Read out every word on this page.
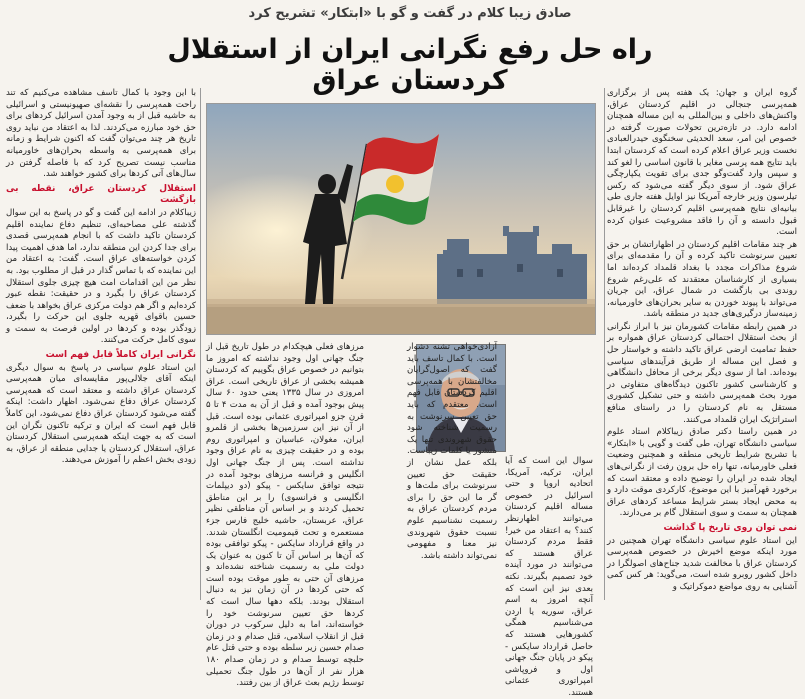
صادق زیبا کلام در گفت و گو با «ابتکار» تشریح کرد
راه حل رفع نگرانی ایران از استقلال کردستان عراق	گروه ایران و جهان: یک هفته پس از برگزاری همه‌پرسی جنجالی در اقلیم کردستان عراق، واکنش‌های داخلی و بین‌المللی به این مساله همچنان ادامه دارد. در تازه‌ترین تحولات صورت گرفته در خصوص این امر، سعد الحدیثی سخنگوی حیدرالعبادی نخست وزیر عراق اعلام کرده است که کردستان ابتدا باید نتایج همه پرسی مغایر با قانون اساسی را لغو کند و سپس وارد گفت‌وگو جدی برای تقویت یکپارچگی عراق شود. از سوی دیگر گفته می‌شود که رکس تیلرسون وزیر خارجه آمریکا نیز اوایل هفته جاری طی بیانیه‌ای نتایج همه‌پرسی اقلیم کردستان را غیرقابل قبول دانسته و آن را فاقد مشروعیت عنوان کرده است.

هر چند مقامات اقلیم کردستان در اظهاراتشان بر حق تعیین سرنوشت تاکید کرده و آن را مقدمه‌ای برای شروع مذاکرات مجدد با بغداد قلمداد کرده‌اند اما بسیاری از کارشناسان معتقدند که علی‌رغم شروع روندی بی بازگشت در شمال عراق، این جریان می‌تواند با پیوند خوردن به سایر بحران‌های خاورمیانه، زمینه‌ساز درگیری‌های جدید در منطقه باشد.

در همین رابطه مقامات کشورمان نیز با ابراز نگرانی از بحث استقلال احتمالی کردستان عراق همواره بر حفظ تمامیت ارضی عراق تاکید داشته و خواستار حل و فصل این مساله از طریق فرآیندهای سیاسی بوده‌اند. اما از سوی دیگر برخی از محافل دانشگاهی و کارشناسی کشور تاکنون دیدگاه‌های متفاوتی در مورد بحث همه‌پرسی داشته و حتی تشکیل کشوری مستقل به نام کردستان را در راستای منافع استراتژیک ایران قلمداد می‌کنند.

در همین راستا دکتر صادق زیباکلام استاد علوم سیاسی دانشگاه تهران، طی گفت و گویی با «ابتکار» با تشریح شرایط تاریخی منطقه و همچنین وضعیت فعلی خاورمیانه، تنها راه حل برون رفت از نگرانی‌های ایجاد شده در ایران را توضیح داده و معتقد است که برخورد قهرآمیز با این موضوع، کارکردی موقت دارد و به محض ایجاد بستر شرایط مساعد کردهای عراق همچنان به سمت و سوی استقلال گام بر می‌دارند.

نمی توان روی تاریخ پا گذاشت

این استاد علوم سیاسی دانشگاه تهران همچنین در مورد اینکه موضع اخیرش در خصوص همه‌پرسی کردستان عراق با مخالفت شدید جناح‌های اصولگرا در داخل کشور روبرو شده است، می‌گوید: هر کس کمی آشنایی به روی مواضع دموکراتیک و

با این وجود با کمال تاسف مشاهده می‌کنیم که تند راحت همه‌پرسی را نقشه‌ای صهیونیستی و اسرائیلی به حاشیه قبل از به وجود آمدن اسرائیل کردهای برای حق خود مبارزه می‌کردند. لذا به اعتقاد من نباید روی تاریخ هر چند می‌توان گفت که اکنون شرایط و زمانه برای همه‌پرسی به واسطه بحران‌های خاورمیانه مناسب نیست تصریح کرد که با فاصله گرفتن در سال‌های آتی کردها برای کشور خواهند شد.

استقلال کردستان عراق، نقطه بی بازگشت

زیباکلام در ادامه این گفت و گو در پاسخ به این سوال گذشته علی مصاحبه‌ای، تنظیم دفاع نماینده اقلیم کردستان تاکید داشت که با انجام همه‌پرسی قصدی برای جدا کردن این منطقه ندارد، اما هدف اهمیت پیدا کردن خواسته‌های عراق است. گفت: به اعتقاد من این نماینده که با تماس گذار در قبل از مطلوب بود. به نظر من این اقدامات امت هیچ چیزی جلوی استقلال کردستان عراق را بگیرد و در حقیقت: نقطه عبور کرده‌ایم و اگر هم دولت مرکزی عراق بخواهد با ضعف حسین باقوای قهریه جلوی این حرکت را بگیرد، زودگذر بوده و کردها در اولین فرصت به سمت و سوی کامل حرکت می‌کنند.

نگرانی ایران کاملاً قابل فهم است

این استاد علوم سیاسی در پاسخ به سوال دیگری اینکه آقای جلالی‌پور مقایسه‌ای میان همه‌پرسی کردستان عراق داشته و معتقد است که همه‌پرسی کردستان عراق دفاع نمی‌شود. اظهار داشت: اینکه گفته می‌شود کردستان عراق دفاع نمی‌شود، این کاملاً قابل فهم است که ایران و ترکیه تاکنون نگران این است که به جهت اینکه همه‌پرسی استقلال کردستان عراق، استقلال کردستان یا جدایی منطقه از عراق، به زودی بخش اعظم را آموزش می‌دهند.	سوال این است که آیا ایران، ترکیه، آمریکا، اتحادیه اروپا و حتی اسرائیل در خصوص مساله اقلیم کردستان می‌توانند اظهارنظر کنند؟ به اعتقاد من خیر! فقط مردم کردستان عراق هستند که می‌توانند در مورد آینده خود تصمیم بگیرند. نکته بعدی نیز این است که آنچه امروز به اسم عراق، سوریه یا اردن می‌شناسیم همگی کشورهایی هستند که حاصل قرارداد سایکس - پیکو در پایان جنگ جهانی اول و فروپاشی امپراتوری عثمانی هستند.

آزادی‌خواهی تشنه دشوار است. با کمال تاسف باید گفت که اصول‌گرایان مخالفتشان با همه‌پرسی اقلیم کردستان قابل فهم است. معتقدم که باید حق تعیین سرنوشت به رسمیت شناخته شود حقوق شهروندی تنها یک منشور یا کلمات زیباست. بلکه عمل نشان از حقیقت حق تعیین سرنوشت برای ملت‌ها و گر ما این حق را برای مردم کردستان عراق به رسمیت نشناسیم علوم نسبت حقوق شهروندی نیز معنا و مفهومی نمی‌تواند داشته باشد.

مرزهای فعلی هیچکدام در طول تاریخ قبل از جنگ جهانی اول وجود نداشته که امروز ما بتوانیم در خصوص عراق بگوییم که کردستان همیشه بخشی از عراق تاریخی است. عراق امروزی در سال ۱۳۳۵ یعنی حدود ۶۰ سال پیش بوجود آمده و قبل از آن به مدت ۴ تا ۵ قرن جزو امپراتوری عثمانی بوده است. قبل از آن نیز این سرزمین‌ها بخشی از قلمرو ایران، مغولان، عباسیان و امپراتوری روم بوده و در حقیقت چیزی به نام عراق وجود نداشته است. پس از جنگ جهانی اول انگلیس و فرانسه مرزهای بوجود آمده در نتیجه توافق سایکس - پیکو (دو دیپلمات انگلیسی و فرانسوی) را بر این مناطق تحمیل کردند و بر اساس آن مناطقی نظیر عراق، عربستان، حاشیه خلیج فارس جزء مستعمره و تحت قیمومیت انگلستان شدند. در واقع قرارداد سایکس - پیکو توافقی بوده که آن‌ها بر اساس آن تا کنون به عنوان یک دولت ملی به رسمیت شناخته نشده‌اند و مرزهای آن حتی به طور موقت بوده است که حتی کردها در آن زمان نیز به دنبال استقلال بودند. بلکه دهها سال است که کردها حق تعیین سرنوشت خود را خواسته‌اند، اما به دلیل سرکوب در دوران قبل از انقلاب اسلامی، قتل صدام و در زمان صدام حسین زیر سلطه بوده و حتی قتل عام حلبچه توسط صدام و در زمان صدام ۱۸۰ هزار نفر از آن‌ها در طول جنگ تحمیلی توسط رژیم بعث عراق از بین رفتند.
